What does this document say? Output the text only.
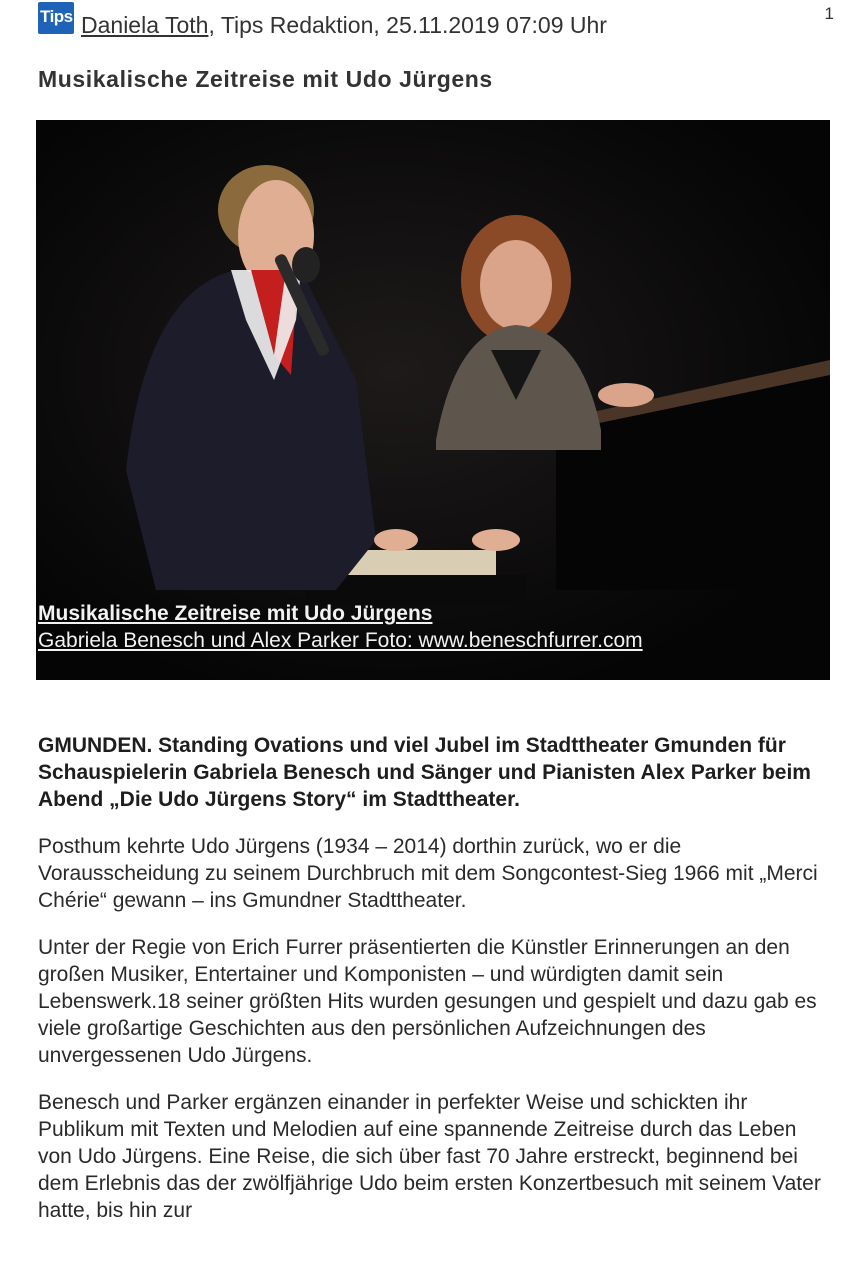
Tips Daniela Toth, Tips Redaktion, 25.11.2019 07:09 Uhr	1
Musikalische Zeitreise mit Udo Jürgens
Musikalische Zeitreise mit Udo Jürgens
Gabriela Benesch und Alex Parker Foto: www.beneschfurrer.com

GMUNDEN. Standing Ovations und viel Jubel im Stadttheater Gmunden für Schauspielerin Gabriela Benesch und Sänger und Pianisten Alex Parker beim Abend „Die Udo Jürgens Story“ im Stadttheater.

Posthum kehrte Udo Jürgens (1934 – 2014) dorthin zurück, wo er die Vorausscheidung zu seinem Durchbruch mit dem Songcontest-Sieg 1966 mit „Merci Chérie“ gewann – ins Gmundner Stadttheater.

Unter der Regie von Erich Furrer präsentierten die Künstler Erinnerungen an den großen Musiker, Entertainer und Komponisten – und würdigten damit sein Lebenswerk.18 seiner größten Hits wurden gesungen und gespielt und dazu gab es viele großartige Geschichten aus den persönlichen Aufzeichnungen des unvergessenen Udo Jürgens.

Benesch und Parker ergänzen einander in perfekter Weise und schickten ihr Publikum mit Texten und Melodien auf eine spannende Zeitreise durch das Leben von Udo Jürgens. Eine Reise, die sich über fast 70 Jahre erstreckt, beginnend bei dem Erlebnis das der zwölfjährige Udo beim ersten Konzertbesuch mit seinem Vater hatte, bis hin zur
